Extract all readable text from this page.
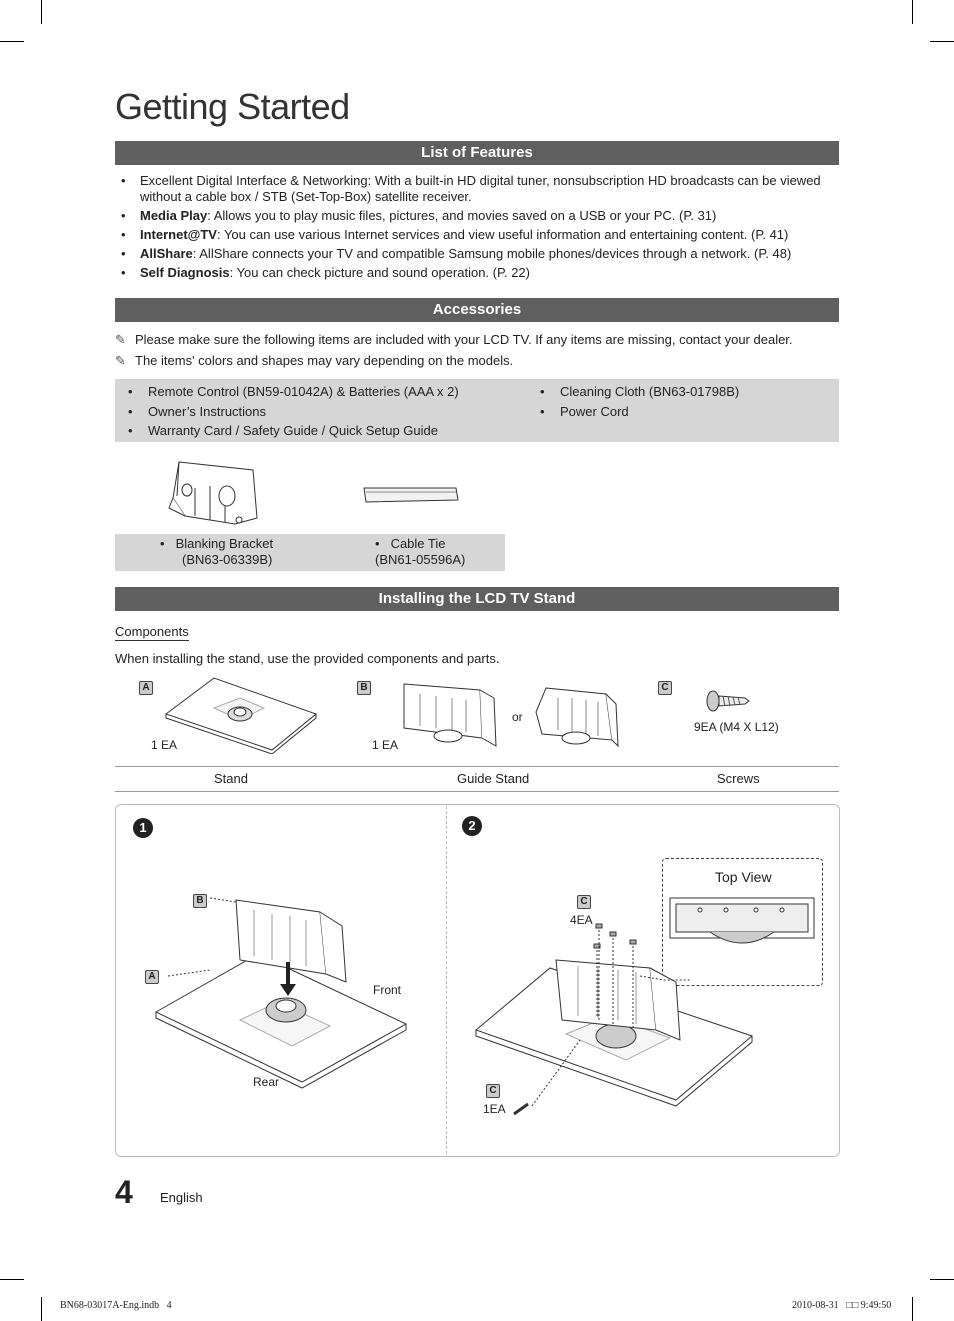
Getting Started
List of Features
• Excellent Digital Interface & Networking: With a built-in HD digital tuner, nonsubscription HD broadcasts can be viewed without a cable box / STB (Set-Top-Box) satellite receiver.
• Media Play: Allows you to play music files, pictures, and movies saved on a USB or your PC. (P. 31)
• Internet@TV: You can use various Internet services and view useful information and entertaining content. (P. 41)
• AllShare: AllShare connects your TV and compatible Samsung mobile phones/devices through a network. (P. 48)
• Self Diagnosis: You can check picture and sound operation. (P. 22)
Accessories
✎ Please make sure the following items are included with your LCD TV. If any items are missing, contact your dealer.
✎ The items' colors and shapes may vary depending on the models.
• Remote Control (BN59-01042A) & Batteries (AAA x 2)
• Owner’s Instructions
• Warranty Card / Safety Guide / Quick Setup Guide
• Cleaning Cloth (BN63-01798B)
• Power Cord
• Blanking Bracket
(BN63-06339B)
• Cable Tie
(BN61-05596A)
Installing the LCD TV Stand
Components
When installing the stand, use the provided components and parts.
A
1 EA
B
or
1 EA
C
9EA (M4 X L12)
Stand	Guide Stand	Screws
1
B
A
Front
Rear
2
Top View
C
4EA
C
1EA
4 English
BN68-03017A-Eng.indb   4	2010-08-31   □□ 9:49:50
